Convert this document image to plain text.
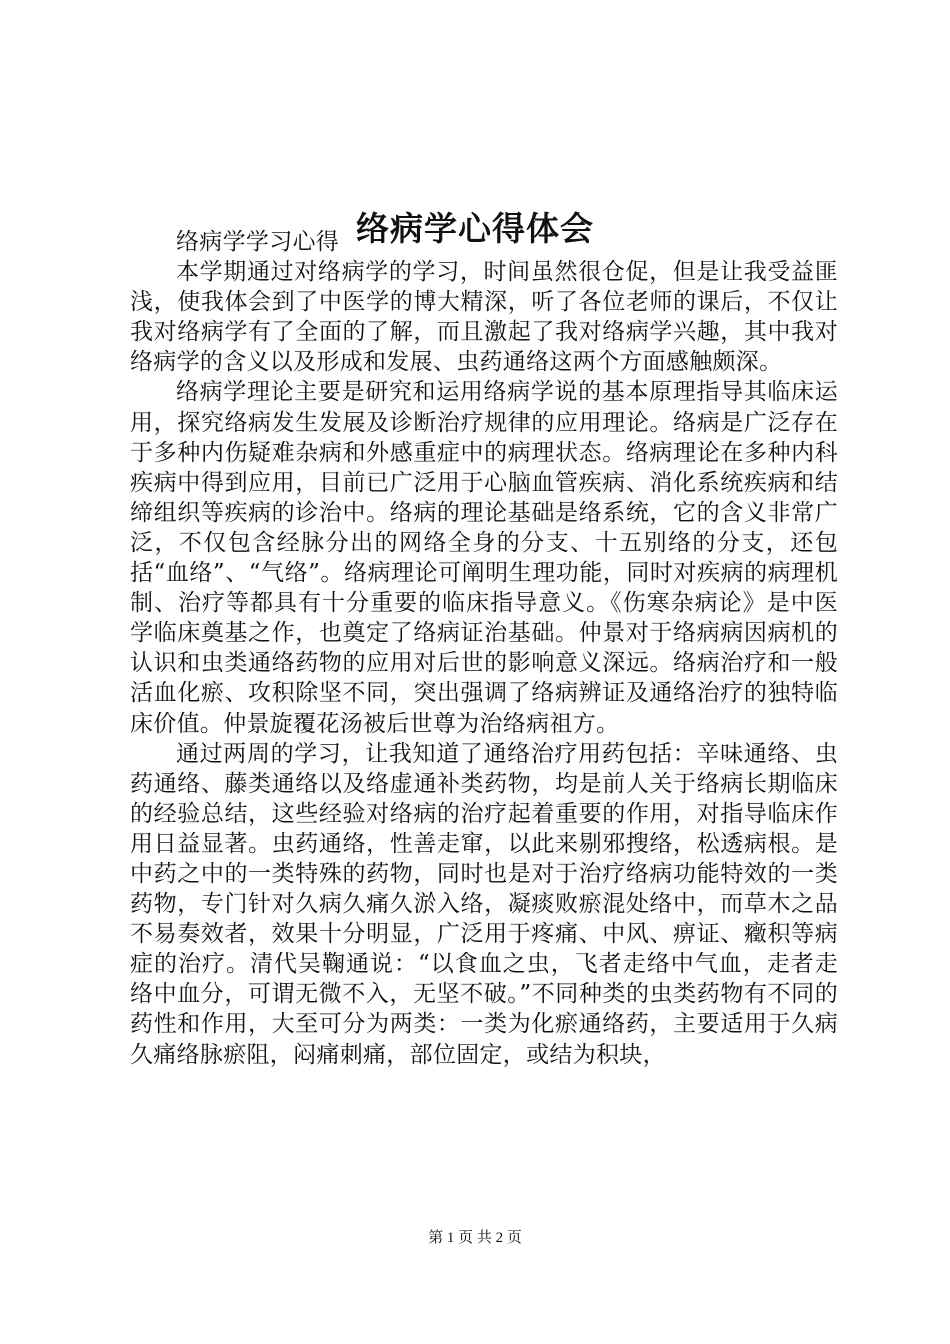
络病学心得体会

络病学学习心得

本学期通过对络病学的学习，时间虽然很仓促，但是让我受益匪浅，使我体会到了中医学的博大精深，听了各位老师的课后，不仅让我对络病学有了全面的了解，而且激起了我对络病学兴趣，其中我对络病学的含义以及形成和发展、虫药通络这两个方面感触颇深。

络病学理论主要是研究和运用络病学说的基本原理指导其临床运用，探究络病发生发展及诊断治疗规律的应用理论。络病是广泛存在于多种内伤疑难杂病和外感重症中的病理状态。络病理论在多种内科疾病中得到应用，目前已广泛用于心脑血管疾病、消化系统疾病和结缔组织等疾病的诊治中。络病的理论基础是络系统，它的含义非常广泛，不仅包含经脉分出的网络全身的分支、十五别络的分支，还包括“血络”、“气络”。络病理论可阐明生理功能，同时对疾病的病理机制、治疗等都具有十分重要的临床指导意义。《伤寒杂病论》是中医学临床奠基之作，也奠定了络病证治基础。仲景对于络病病因病机的认识和虫类通络药物的应用对后世的影响意义深远。络病治疗和一般活血化瘀、攻积除坚不同，突出强调了络病辨证及通络治疗的独特临床价值。仲景旋覆花汤被后世尊为治络病祖方。

通过两周的学习，让我知道了通络治疗用药包括：辛味通络、虫药通络、藤类通络以及络虚通补类药物，均是前人关于络病长期临床的经验总结，这些经验对络病的治疗起着重要的作用，对指导临床作用日益显著。虫药通络，性善走窜，以此来剔邪搜络，松透病根。是中药之中的一类特殊的药物，同时也是对于治疗络病功能特效的一类药物，专门针对久病久痛久淤入络，凝痰败瘀混处络中，而草木之品不易奏效者，效果十分明显，广泛用于疼痛、中风、痹证、癥积等病症的治疗。清代吴鞠通说：“以食血之虫，飞者走络中气血，走者走络中血分，可谓无微不入，无坚不破。”不同种类的虫类药物有不同的药性和作用，大至可分为两类：一类为化瘀通络药，主要适用于久病久痛络脉瘀阻，闷痛刺痛，部位固定，或结为积块，

第 1 页 共 2 页
